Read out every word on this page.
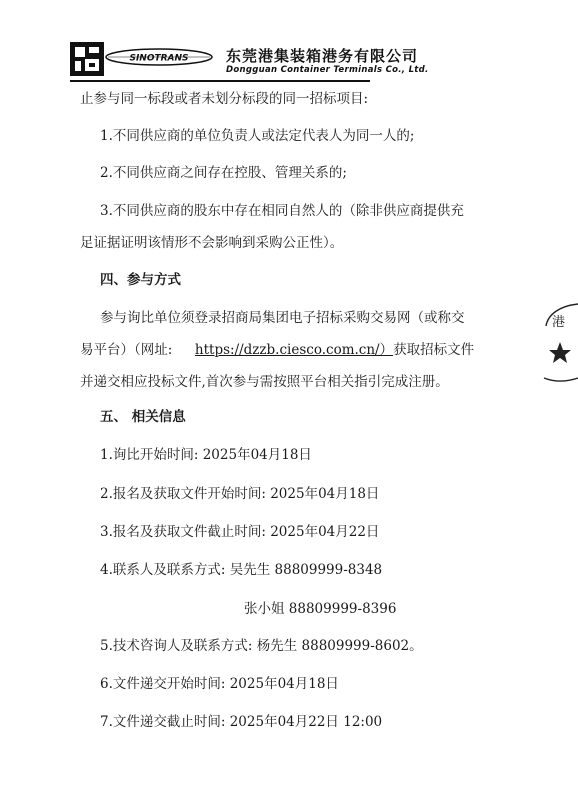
SINOTRANS 东莞港集装箱港务有限公司
Dongguan Container Terminals Co., Ltd.
止参与同一标段或者未划分标段的同一招标项目:
1.不同供应商的单位负责人或法定代表人为同一人的;
2.不同供应商之间存在控股、管理关系的;
3.不同供应商的股东中存在相同自然人的（除非供应商提供充
足证据证明该情形不会影响到采购公正性）。
四、参与方式
参与询比单位须登录招商局集团电子招标采购交易网（或称交
易平台）（网址: https://dzzb.ciesco.com.cn/）获取招标文件
并递交相应投标文件,首次参与需按照平台相关指引完成注册。
五、 相关信息
1.询比开始时间: 2025年04月18日
2.报名及获取文件开始时间: 2025年04月18日
3.报名及获取文件截止时间: 2025年04月22日
4.联系人及联系方式: 吴先生 88809999-8348
张小姐 88809999-8396
5.技术咨询人及联系方式: 杨先生 88809999-8602。
6.文件递交开始时间: 2025年04月18日
7.文件递交截止时间: 2025年04月22日 12:00
港
